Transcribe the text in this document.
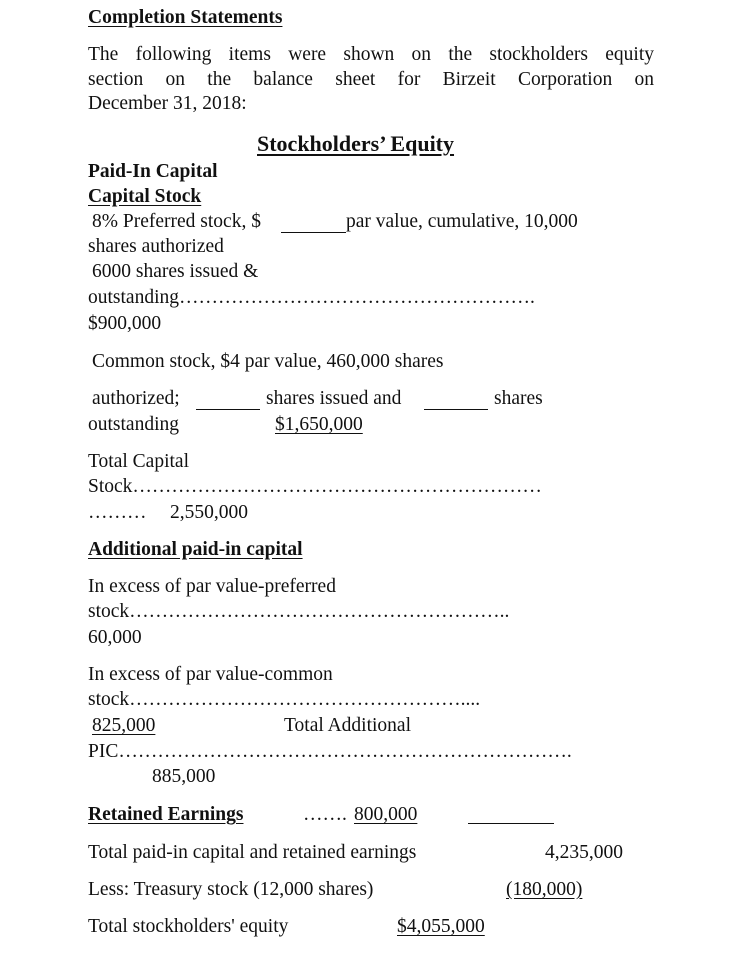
Completion Statements
The following items were shown on the stockholders equity
section on the balance sheet for Birzeit Corporation on
December 31, 2018:
Stockholders’ Equity
Paid-In Capital
Capital Stock
8% Preferred stock, $	par value, cumulative, 10,000
shares authorized
6000 shares issued &
outstanding……………………………………………….
$900,000
Common stock, $4 par value, 460,000 shares
authorized;	shares issued and	shares
outstanding	$1,650,000
Total Capital
Stock………………………………………………………
……… 2,550,000
Additional paid-in capital
In excess of par value-preferred
stock…………………………………………………..
60,000
In excess of par value-common
stock……………………………………………....
825,000	Total Additional
PIC…………………………………………………………….
885,000
Retained Earnings	……. 800,000
Total paid-in capital and retained earnings	4,235,000
Less: Treasury stock (12,000 shares)	(180,000)
Total stockholders' equity	$4,055,000
